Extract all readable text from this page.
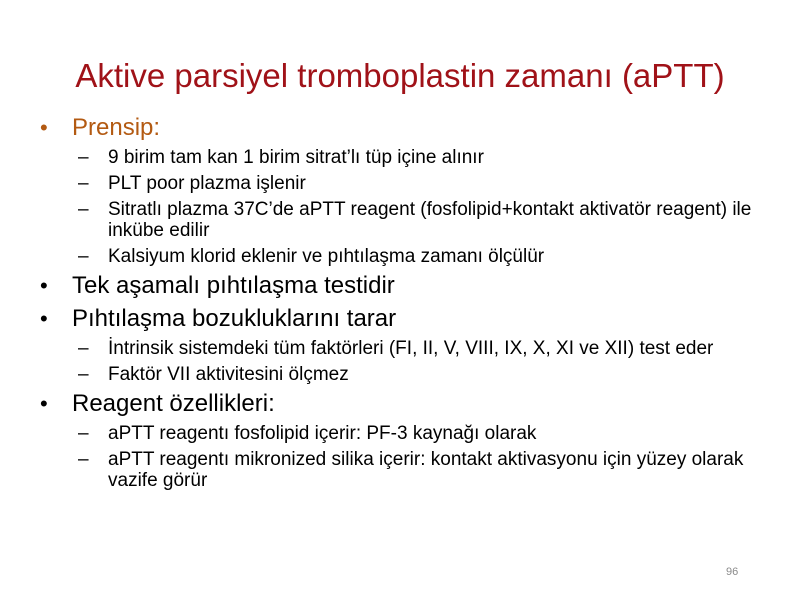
Aktive parsiyel tromboplastin zamanı (aPTT)
•	Prensip:
– 9 birim tam kan 1 birim sitrat’lı tüp içine alınır
– PLT poor plazma işlenir
– Sitratlı plazma 37C’de aPTT reagent (fosfolipid+kontakt aktivatör reagent) ile inkübe edilir
– Kalsiyum klorid eklenir ve pıhtılaşma zamanı ölçülür
•	Tek aşamalı pıhtılaşma testidir
•	Pıhtılaşma bozukluklarını tarar
– İntrinsik sistemdeki tüm faktörleri (FI, II, V, VIII, IX, X, XI ve XII) test eder
– Faktör VII aktivitesini ölçmez
•	Reagent özellikleri:
– aPTT reagentı fosfolipid içerir: PF-3 kaynağı olarak
– aPTT reagentı mikronized silika içerir: kontakt aktivasyonu için yüzey olarak vazife görür
96
